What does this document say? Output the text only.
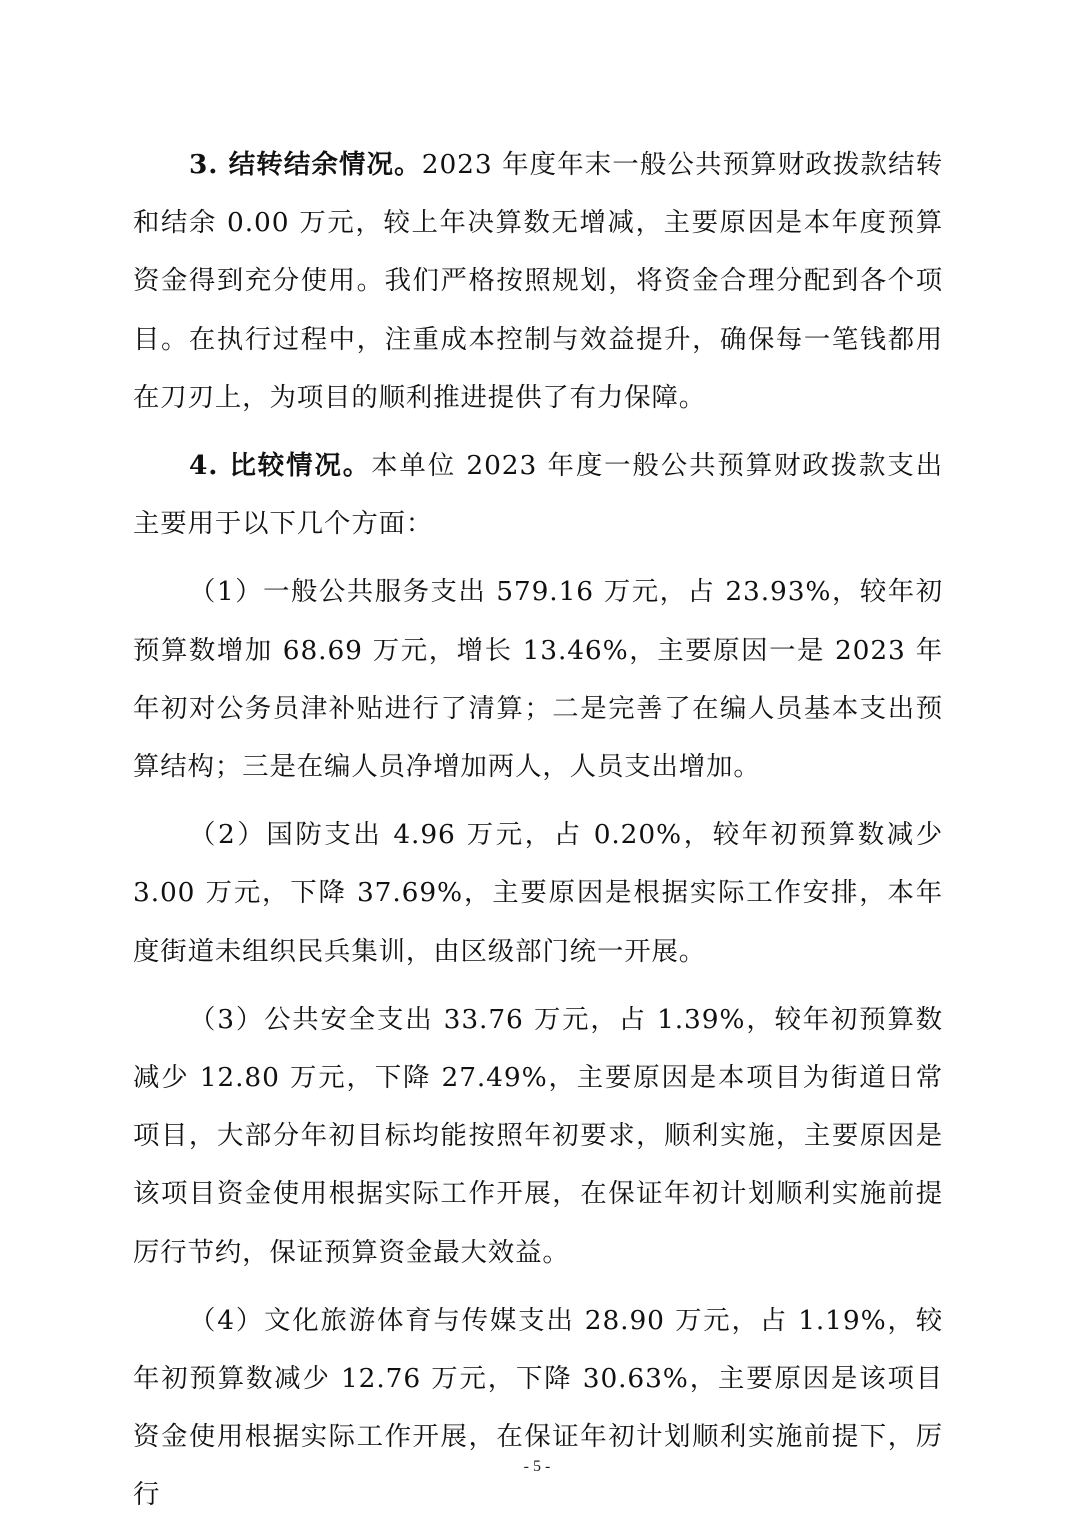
3. 结转结余情况。2023 年度年末一般公共预算财政拨款结转和结余 0.00 万元，较上年决算数无增减，主要原因是本年度预算资金得到充分使用。我们严格按照规划，将资金合理分配到各个项目。在执行过程中，注重成本控制与效益提升，确保每一笔钱都用在刀刃上，为项目的顺利推进提供了有力保障。

4. 比较情况。本单位 2023 年度一般公共预算财政拨款支出主要用于以下几个方面：

（1）一般公共服务支出 579.16 万元，占 23.93%，较年初预算数增加 68.69 万元，增长 13.46%，主要原因一是 2023 年年初对公务员津补贴进行了清算；二是完善了在编人员基本支出预算结构；三是在编人员净增加两人，人员支出增加。

（2）国防支出 4.96 万元，占 0.20%，较年初预算数减少 3.00 万元，下降 37.69%，主要原因是根据实际工作安排，本年度街道未组织民兵集训，由区级部门统一开展。

（3）公共安全支出 33.76 万元，占 1.39%，较年初预算数减少 12.80 万元，下降 27.49%，主要原因是本项目为街道日常项目，大部分年初目标均能按照年初要求，顺利实施，主要原因是该项目资金使用根据实际工作开展，在保证年初计划顺利实施前提厉行节约，保证预算资金最大效益。

（4）文化旅游体育与传媒支出 28.90 万元，占 1.19%，较年初预算数减少 12.76 万元，下降 30.63%，主要原因是该项目资金使用根据实际工作开展，在保证年初计划顺利实施前提下，厉行

- 5 -
